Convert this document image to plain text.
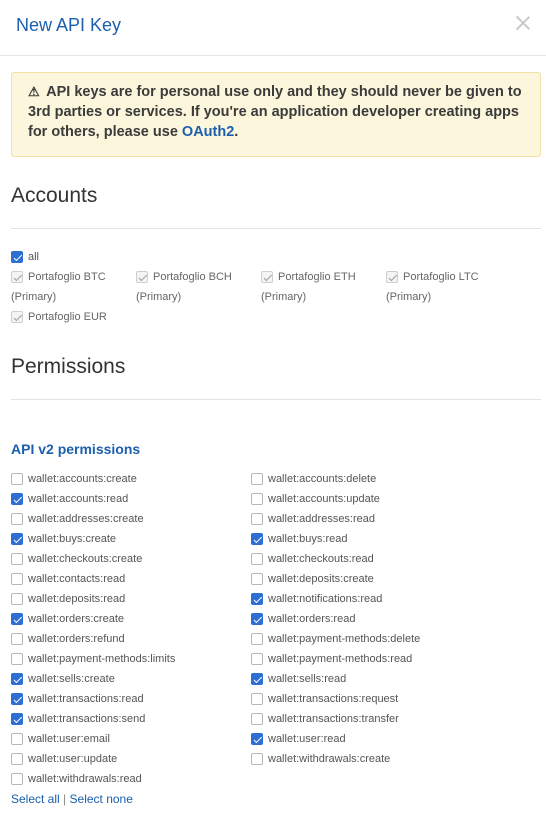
New API Key
⚠ API keys are for personal use only and they should never be given to 3rd parties or services. If you're an application developer creating apps for others, please use OAuth2.
Accounts
all
Portafoglio BTC
(Primary)
Portafoglio BCH
(Primary)
Portafoglio ETH
(Primary)
Portafoglio LTC
(Primary)
Portafoglio EUR
Permissions
API v2 permissions
wallet:accounts:create
wallet:accounts:read
wallet:addresses:create
wallet:buys:create
wallet:checkouts:create
wallet:contacts:read
wallet:deposits:read
wallet:orders:create
wallet:orders:refund
wallet:payment-methods:limits
wallet:sells:create
wallet:transactions:read
wallet:transactions:send
wallet:user:email
wallet:user:update
wallet:withdrawals:read
wallet:accounts:delete
wallet:accounts:update
wallet:addresses:read
wallet:buys:read
wallet:checkouts:read
wallet:deposits:create
wallet:notifications:read
wallet:orders:read
wallet:payment-methods:delete
wallet:payment-methods:read
wallet:sells:read
wallet:transactions:request
wallet:transactions:transfer
wallet:user:read
wallet:withdrawals:create
Select all | Select none
